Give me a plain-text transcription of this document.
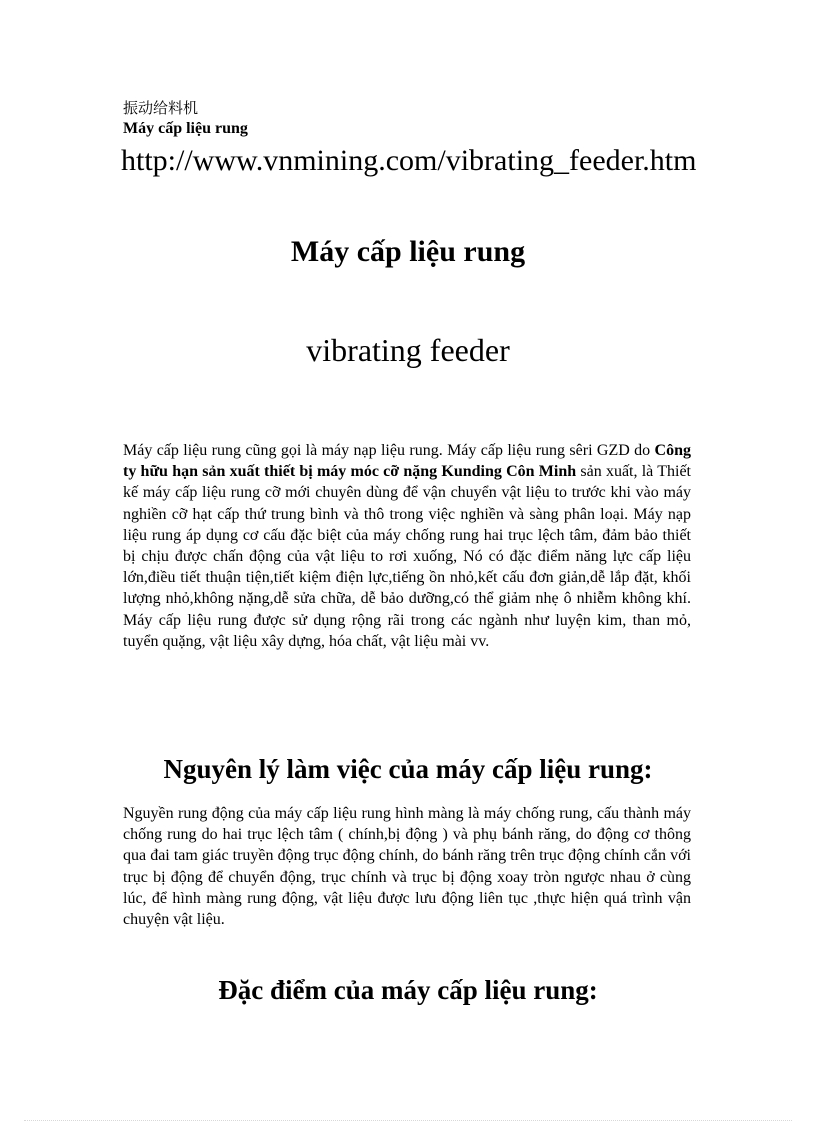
振动给料机
Máy cấp liệu rung
http://www.vnmining.com/vibrating_feeder.htm
Máy cấp liệu rung
vibrating feeder
Máy cấp liệu rung cũng gọi là máy nạp liệu rung. Máy cấp liệu rung sêri GZD do Công ty hữu hạn sản xuất thiết bị máy móc cỡ nặng Kunding Côn Minh sản xuất, là Thiết kế máy cấp liệu rung cỡ mới chuyên dùng để vận chuyển vật liệu to trước khi vào máy nghiền cỡ hạt cấp thứ trung bình và thô trong việc nghiền và sàng phân loại. Máy nạp liệu rung áp dụng cơ cấu đặc biệt của máy chống rung hai trục lệch tâm, đảm bảo thiết bị chịu được chấn động của vật liệu to rơi xuống, Nó có đặc điểm năng lực cấp liệu lớn,điều tiết thuận tiện,tiết kiệm điện lực,tiếng ồn nhỏ,kết cấu đơn giản,dễ lắp đặt, khối lượng nhỏ,không nặng,dễ sửa chữa, dễ bảo dưỡng,có thể giảm nhẹ ô nhiễm không khí. Máy cấp liệu rung được sử dụng rộng rãi trong các ngành như luyện kim, than mỏ, tuyển quặng, vật liệu xây dựng, hóa chất, vật liệu mài vv.
Nguyên lý làm việc của máy cấp liệu rung:
Nguyền rung động của máy cấp liệu rung hình màng là máy chống rung, cấu thành máy chống rung do hai trục lệch tâm ( chính,bị động ) và phụ bánh răng, do động cơ thông qua đai tam giác truyền động trục động chính, do bánh răng trên trục động chính cắn với trục bị động để chuyển động, trục chính và trục bị động xoay tròn ngược nhau ở cùng lúc, để hình màng rung động, vật liệu được lưu động liên tục ,thực hiện quá trình vận chuyện vật liệu.
Đặc điểm của máy cấp liệu rung:
